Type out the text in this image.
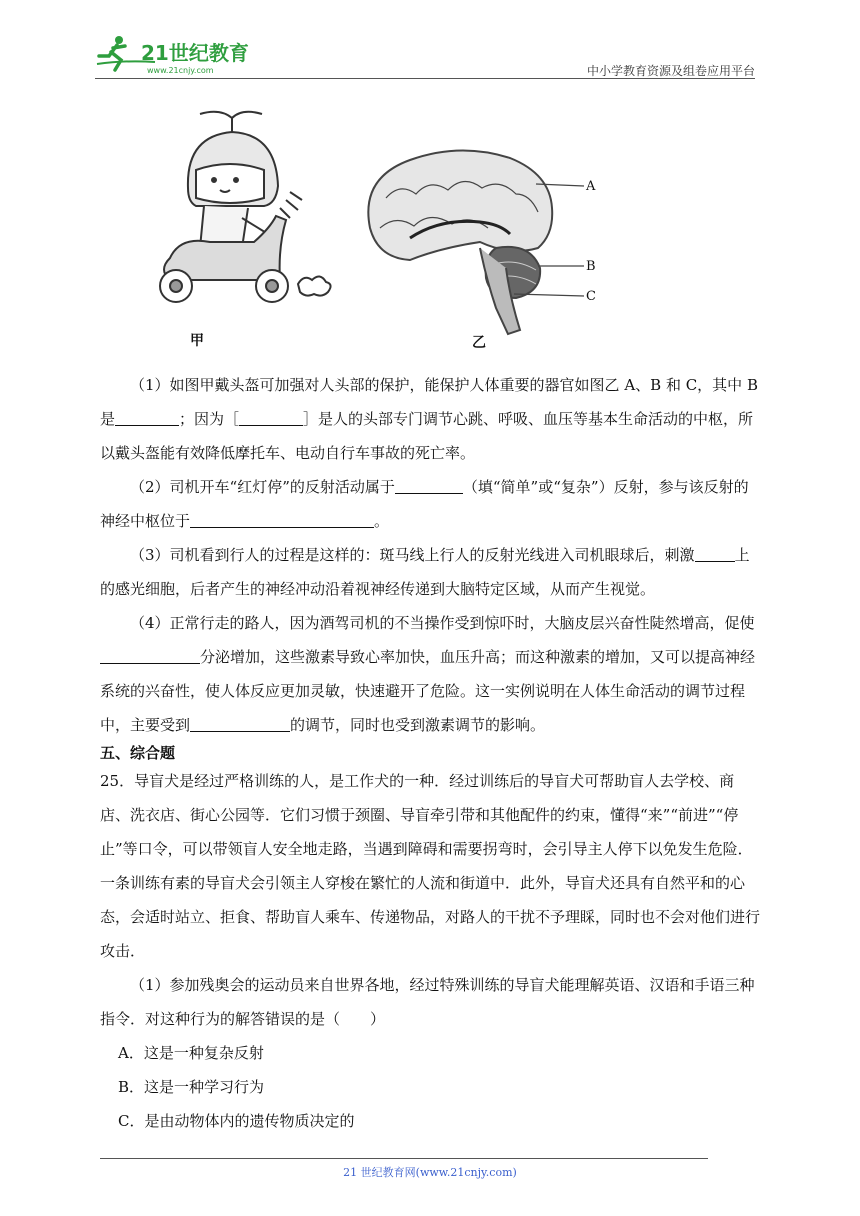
21世纪教育
www.21cnjy.com	中小学教育资源及组卷应用平台
甲
A
B
C
乙

（1）如图甲戴头盔可加强对人头部的保护，能保护人体重要的器官如图乙 A、B 和 C，其中 B 是	；因为［	］是人的头部专门调节心跳、呼吸、血压等基本生命活动的中枢，所以戴头盔能有效降低摩托车、电动自行车事故的死亡率。

（2）司机开车“红灯停”的反射活动属于	（填“简单”或“复杂”）反射，参与该反射的神经中枢位于	。

（3）司机看到行人的过程是这样的：斑马线上行人的反射光线进入司机眼球后，刺激	上的感光细胞，后者产生的神经冲动沿着视神经传递到大脑特定区域，从而产生视觉。

（4）正常行走的路人，因为酒驾司机的不当操作受到惊吓时，大脑皮层兴奋性陡然增高，促使分泌增加，这些激素导致心率加快，血压升高；而这种激素的增加，又可以提高神经系统的兴奋性，使人体反应更加灵敏，快速避开了危险。这一实例说明在人体生命活动的调节过程中，主要受到	的调节，同时也受到激素调节的影响。

五、综合题

25．导盲犬是经过严格训练的人，是工作犬的一种．经过训练后的导盲犬可帮助盲人去学校、商店、洗衣店、街心公园等．它们习惯于颈圈、导盲牵引带和其他配件的约束，懂得“来”“前进”“停止”等口令，可以带领盲人安全地走路，当遇到障碍和需要拐弯时，会引导主人停下以免发生危险．一条训练有素的导盲犬会引领主人穿梭在繁忙的人流和街道中．此外，导盲犬还具有自然平和的心态，会适时站立、拒食、帮助盲人乘车、传递物品，对路人的干扰不予理睬，同时也不会对他们进行攻击．

（1）参加残奥会的运动员来自世界各地，经过特殊训练的导盲犬能理解英语、汉语和手语三种指令．对这种行为的解答错误的是（　　）

A．这是一种复杂反射

B．这是一种学习行为

C．是由动物体内的遗传物质决定的

21 世纪教育网(www.21cnjy.com)
